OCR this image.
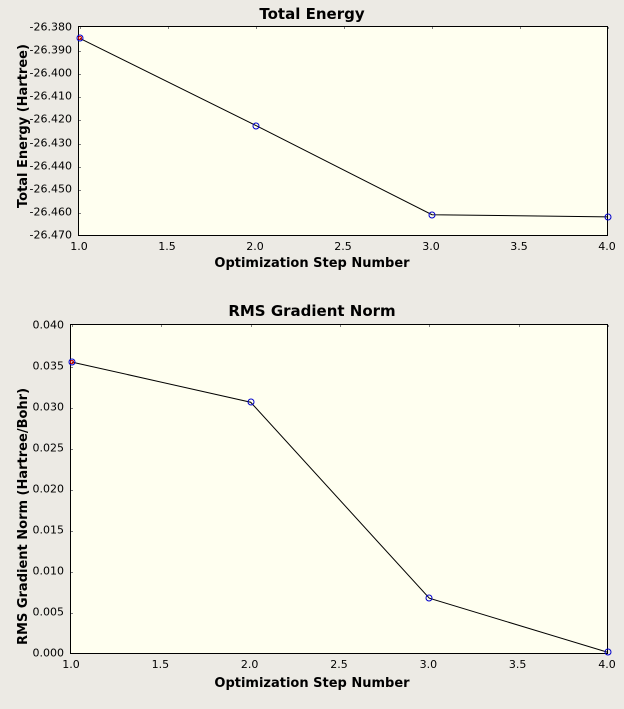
Total Energy
Optimization Step Number
Total Energy (Hartree)
RMS Gradient Norm
Optimization Step Number
RMS Gradient Norm (Hartree/Bohr)
1.0	1.5	2.0	2.5	3.0	3.5	4.0
-26.380
-26.390
-26.400
-26.410
-26.420
-26.430
-26.440
-26.450
-26.460
-26.470
1.0	1.5	2.0	2.5	3.0	3.5	4.0
0.000
0.005
0.010
0.015
0.020
0.025
0.030
0.035
0.040
